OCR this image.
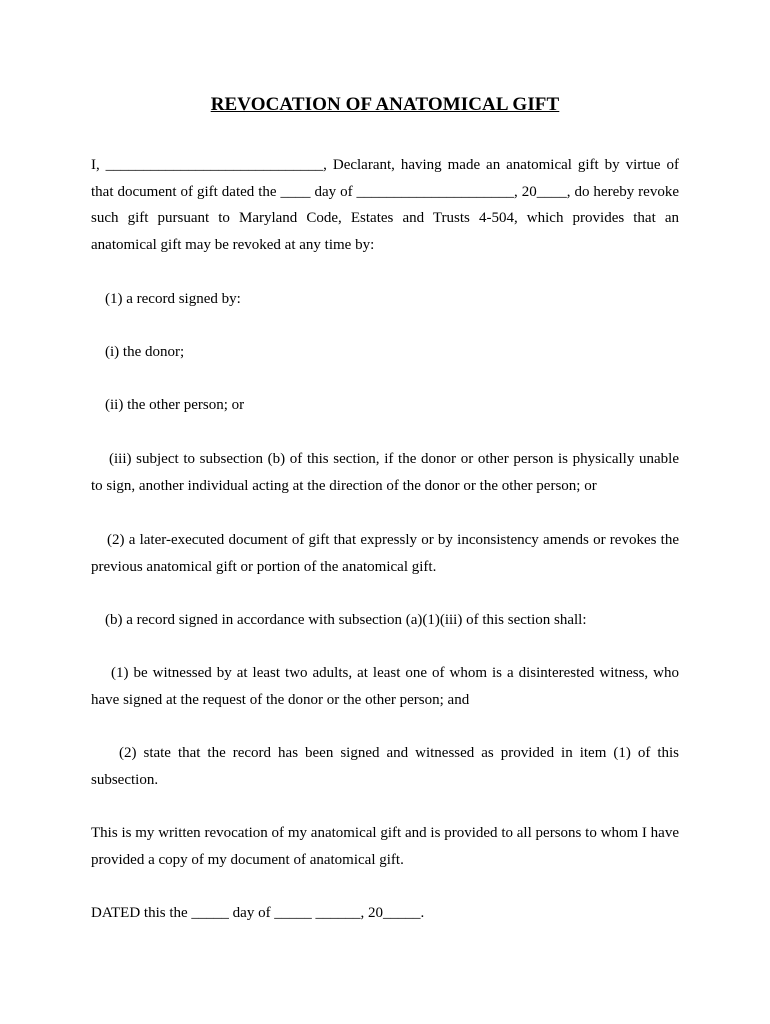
REVOCATION OF ANATOMICAL GIFT
I, _____________________________, Declarant, having made an anatomical gift by virtue of that document of gift dated the ____ day of _____________________, 20____, do hereby revoke such gift pursuant to Maryland Code, Estates and Trusts 4-504, which provides that an anatomical gift may be revoked at any time by:
(1) a record signed by:
(i) the donor;
(ii) the other person; or
(iii) subject to subsection (b) of this section, if the donor or other person is physically unable to sign, another individual acting at the direction of the donor or the other person; or
(2) a later-executed document of gift that expressly or by inconsistency amends or revokes the previous anatomical gift or portion of the anatomical gift.
(b) a record signed in accordance with subsection (a)(1)(iii) of this section shall:
(1) be witnessed by at least two adults, at least one of whom is a disinterested witness, who have signed at the request of the donor or the other person; and
(2) state that the record has been signed and witnessed as provided in item (1) of this subsection.
This is my written revocation of my anatomical gift and is provided to all persons to whom I have provided a copy of my document of anatomical gift.
DATED this the _____ day of _____ ______, 20_____.
